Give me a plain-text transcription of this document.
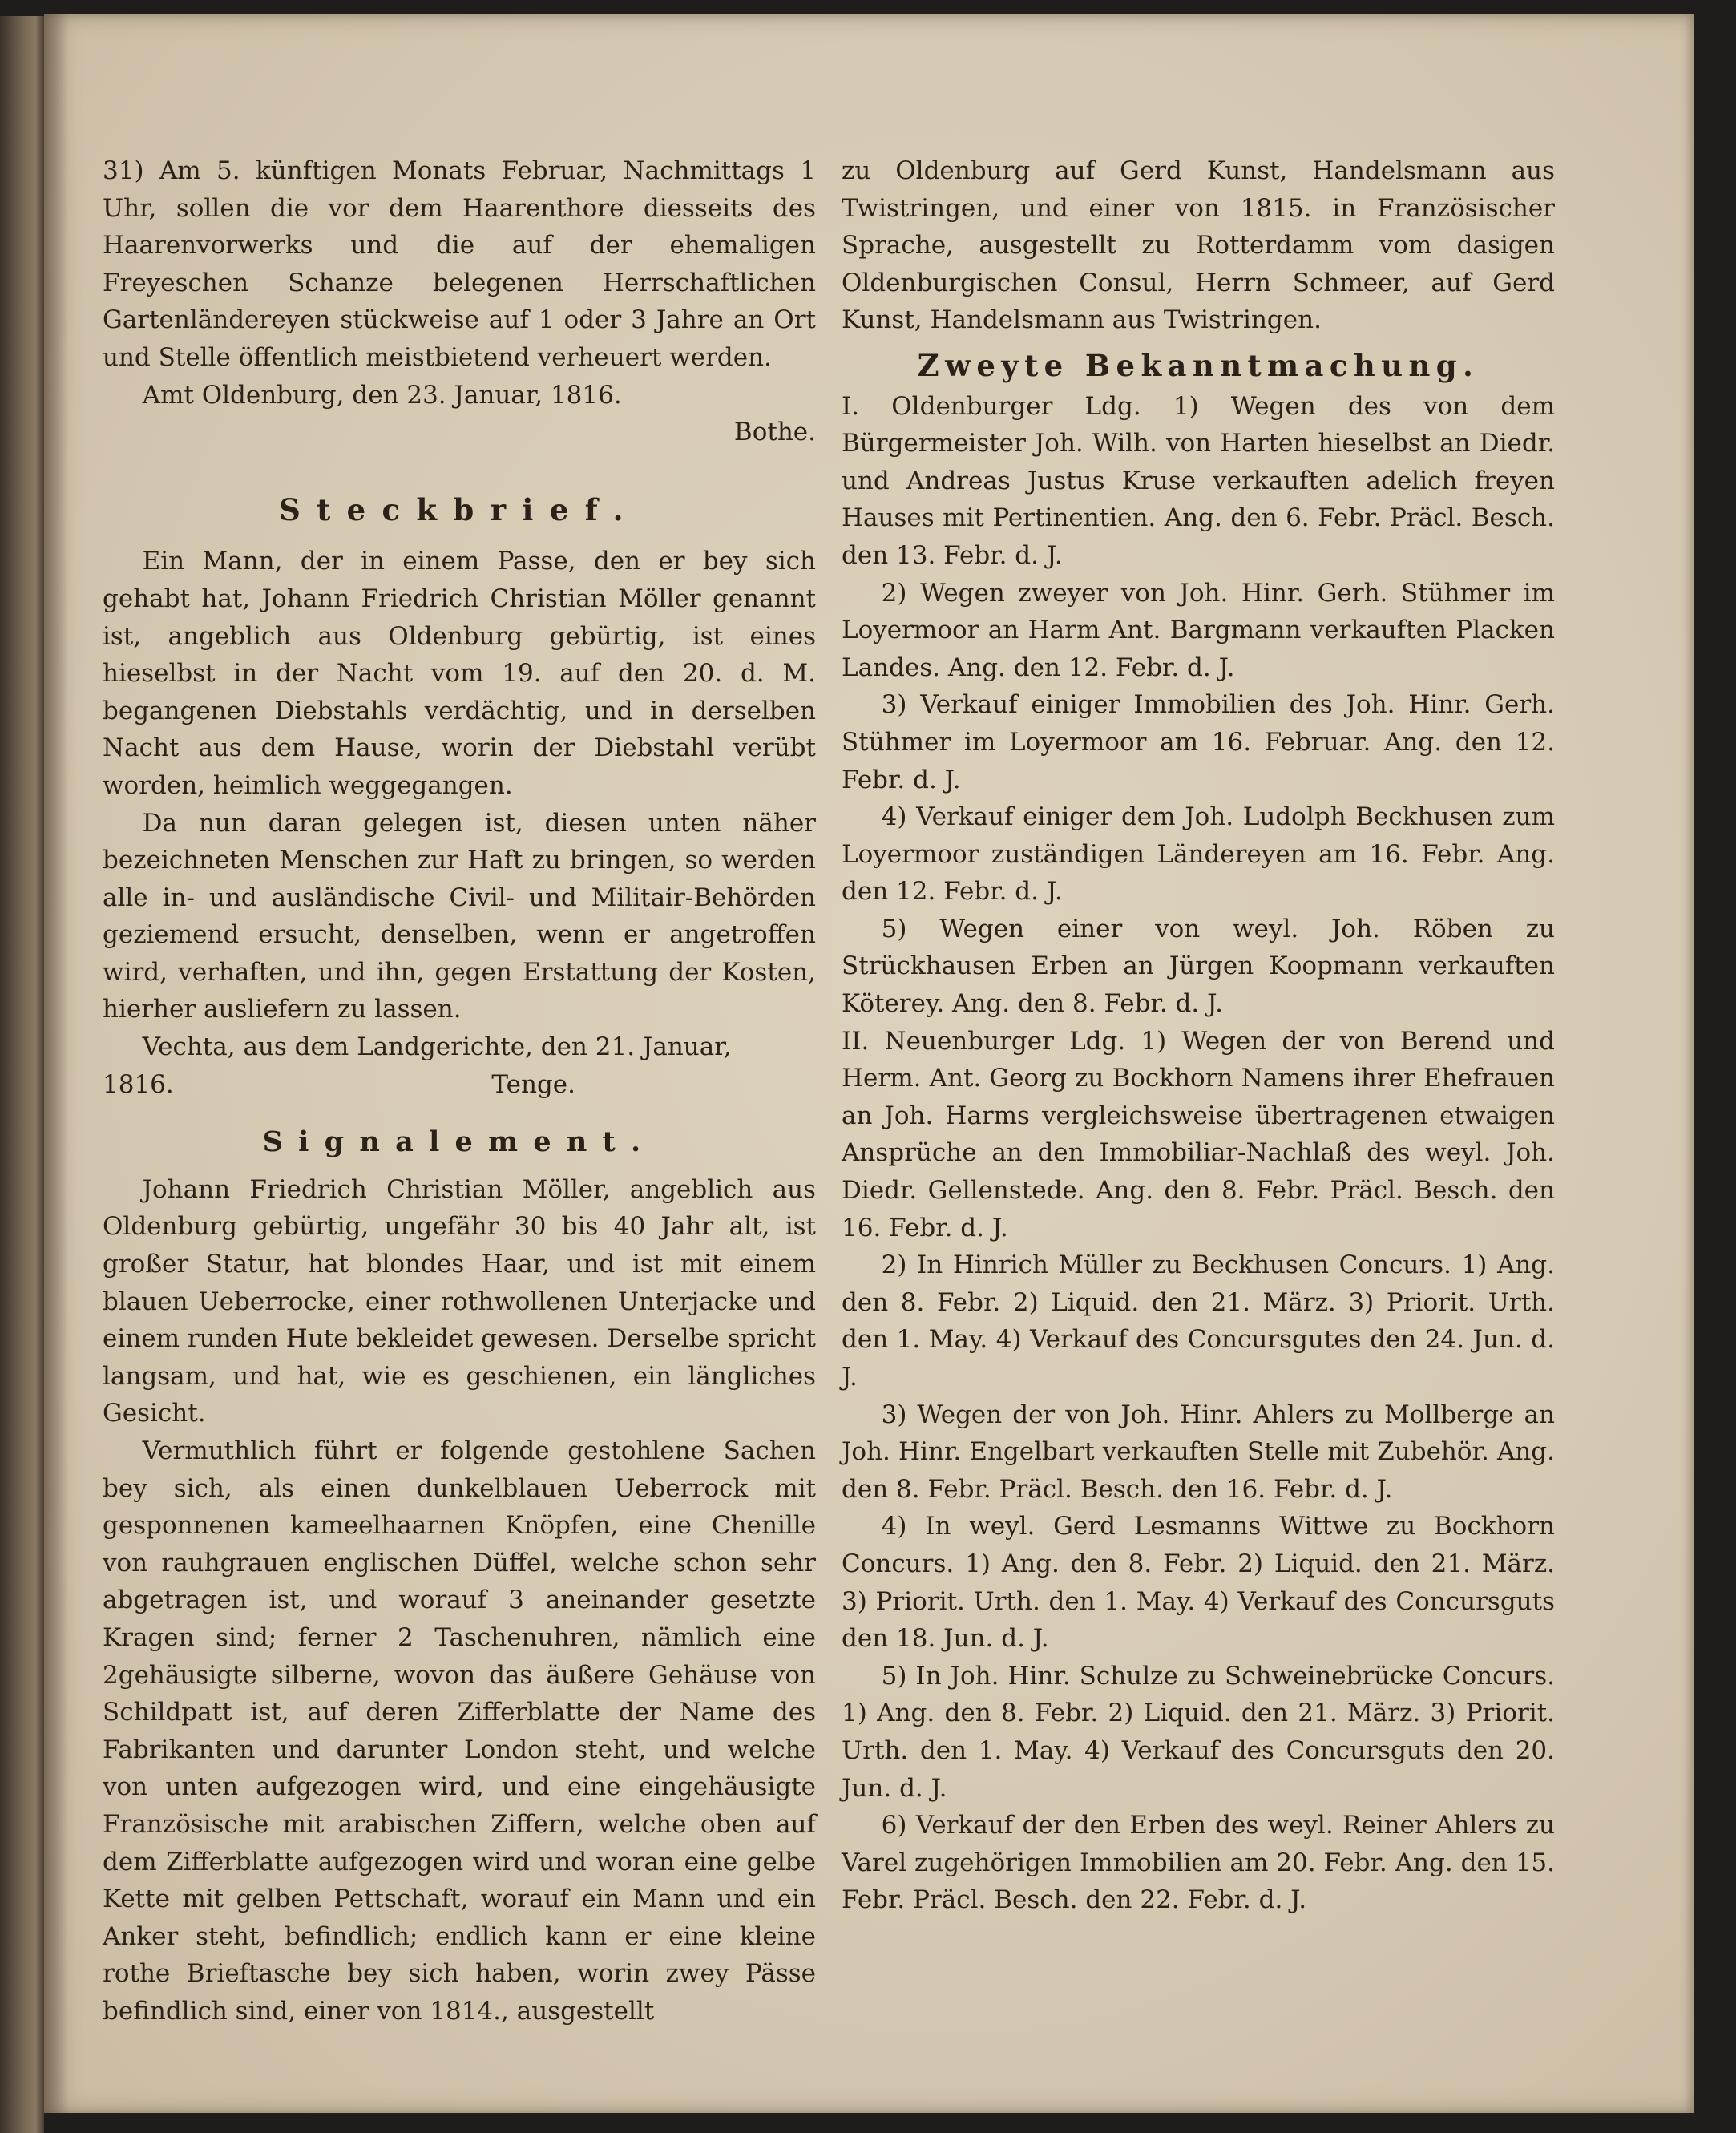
31) Am 5. künftigen Monats Februar, Nachmittags 1 Uhr, sollen die vor dem Haarenthore diesseits des Haarenvorwerks und die auf der ehemaligen Freyeschen Schanze belegenen Herrschaftlichen Gartenländereyen stückweise auf 1 oder 3 Jahre an Ort und Stelle öffentlich meistbietend verheuert werden.

Amt Oldenburg, den 23. Januar, 1816.

Bothe.

Steckbrief.

Ein Mann, der in einem Passe, den er bey sich gehabt hat, Johann Friedrich Christian Möller genannt ist, angeblich aus Oldenburg gebürtig, ist eines hieselbst in der Nacht vom 19. auf den 20. d. M. begangenen Diebstahls verdächtig, und in derselben Nacht aus dem Hause, worin der Diebstahl verübt worden, heimlich weggegangen.

Da nun daran gelegen ist, diesen unten näher bezeichneten Menschen zur Haft zu bringen, so werden alle in- und ausländische Civil- und Militair-Behörden geziemend ersucht, denselben, wenn er angetroffen wird, verhaften, und ihn, gegen Erstattung der Kosten, hierher ausliefern zu lassen.

Vechta, aus dem Landgerichte, den 21. Januar,

1816.	Tenge.
Signalement.

Johann Friedrich Christian Möller, angeblich aus Oldenburg gebürtig, ungefähr 30 bis 40 Jahr alt, ist großer Statur, hat blondes Haar, und ist mit einem blauen Ueberrocke, einer rothwollenen Unterjacke und einem runden Hute bekleidet gewesen. Derselbe spricht langsam, und hat, wie es geschienen, ein längliches Gesicht.

Vermuthlich führt er folgende gestohlene Sachen bey sich, als einen dunkelblauen Ueberrock mit gesponnenen kameelhaarnen Knöpfen, eine Chenille von rauhgrauen englischen Düffel, welche schon sehr abgetragen ist, und worauf 3 aneinander gesetzte Kragen sind; ferner 2 Taschenuhren, nämlich eine 2gehäusigte silberne, wovon das äußere Gehäuse von Schildpatt ist, auf deren Zifferblatte der Name des Fabrikanten und darunter London steht, und welche von unten aufgezogen wird, und eine eingehäusigte Französische mit arabischen Ziffern, welche oben auf dem Zifferblatte aufgezogen wird und woran eine gelbe Kette mit gelben Pettschaft, worauf ein Mann und ein Anker steht, befindlich; endlich kann er eine kleine rothe Brieftasche bey sich haben, worin zwey Pässe befindlich sind, einer von 1814., ausgestellt

zu Oldenburg auf Gerd Kunst, Handelsmann aus Twistringen, und einer von 1815. in Französischer Sprache, ausgestellt zu Rotterdamm vom dasigen Oldenburgischen Consul, Herrn Schmeer, auf Gerd Kunst, Handelsmann aus Twistringen.

Zweyte Bekanntmachung.

I. Oldenburger Ldg. 1) Wegen des von dem Bürgermeister Joh. Wilh. von Harten hieselbst an Diedr. und Andreas Justus Kruse verkauften adelich freyen Hauses mit Pertinentien. Ang. den 6. Febr. Präcl. Besch. den 13. Febr. d. J.

2) Wegen zweyer von Joh. Hinr. Gerh. Stühmer im Loyermoor an Harm Ant. Bargmann verkauften Placken Landes. Ang. den 12. Febr. d. J.

3) Verkauf einiger Immobilien des Joh. Hinr. Gerh. Stühmer im Loyermoor am 16. Februar. Ang. den 12. Febr. d. J.

4) Verkauf einiger dem Joh. Ludolph Beckhusen zum Loyermoor zuständigen Ländereyen am 16. Febr. Ang. den 12. Febr. d. J.

5) Wegen einer von weyl. Joh. Röben zu Strückhausen Erben an Jürgen Koopmann verkauften Köterey. Ang. den 8. Febr. d. J.

II. Neuenburger Ldg. 1) Wegen der von Berend und Herm. Ant. Georg zu Bockhorn Namens ihrer Ehefrauen an Joh. Harms vergleichsweise übertragenen etwaigen Ansprüche an den Immobiliar-Nachlaß des weyl. Joh. Diedr. Gellenstede. Ang. den 8. Febr. Präcl. Besch. den 16. Febr. d. J.

2) In Hinrich Müller zu Beckhusen Concurs. 1) Ang. den 8. Febr. 2) Liquid. den 21. März. 3) Priorit. Urth. den 1. May. 4) Verkauf des Concursgutes den 24. Jun. d. J.

3) Wegen der von Joh. Hinr. Ahlers zu Mollberge an Joh. Hinr. Engelbart verkauften Stelle mit Zubehör. Ang. den 8. Febr. Präcl. Besch. den 16. Febr. d. J.

4) In weyl. Gerd Lesmanns Wittwe zu Bockhorn Concurs. 1) Ang. den 8. Febr. 2) Liquid. den 21. März. 3) Priorit. Urth. den 1. May. 4) Verkauf des Concursguts den 18. Jun. d. J.

5) In Joh. Hinr. Schulze zu Schweinebrücke Concurs. 1) Ang. den 8. Febr. 2) Liquid. den 21. März. 3) Priorit. Urth. den 1. May. 4) Verkauf des Concursguts den 20. Jun. d. J.

6) Verkauf der den Erben des weyl. Reiner Ahlers zu Varel zugehörigen Immobilien am 20. Febr. Ang. den 15. Febr. Präcl. Besch. den 22. Febr. d. J.
